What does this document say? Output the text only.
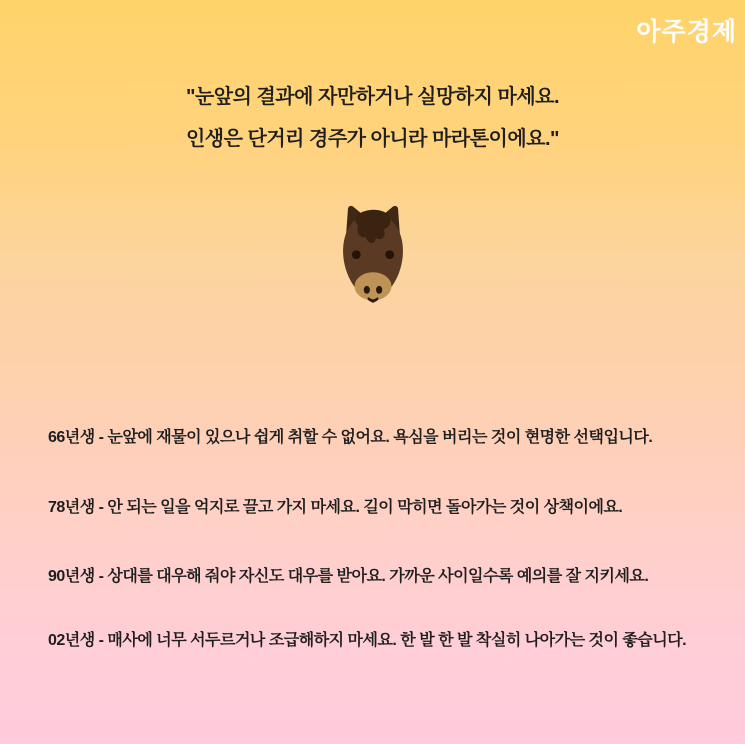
아주경제
"눈앞의 결과에 자만하거나 실망하지 마세요.
인생은 단거리 경주가 아니라 마라톤이에요."
66년생 - 눈앞에 재물이 있으나 쉽게 취할 수 없어요. 욕심을 버리는 것이 현명한 선택입니다.
78년생 - 안 되는 일을 억지로 끌고 가지 마세요. 길이 막히면 돌아가는 것이 상책이에요.
90년생 - 상대를 대우해 줘야 자신도 대우를 받아요. 가까운 사이일수록 예의를 잘 지키세요.
02년생 - 매사에 너무 서두르거나 조급해하지 마세요. 한 발 한 발 착실히 나아가는 것이 좋습니다.
